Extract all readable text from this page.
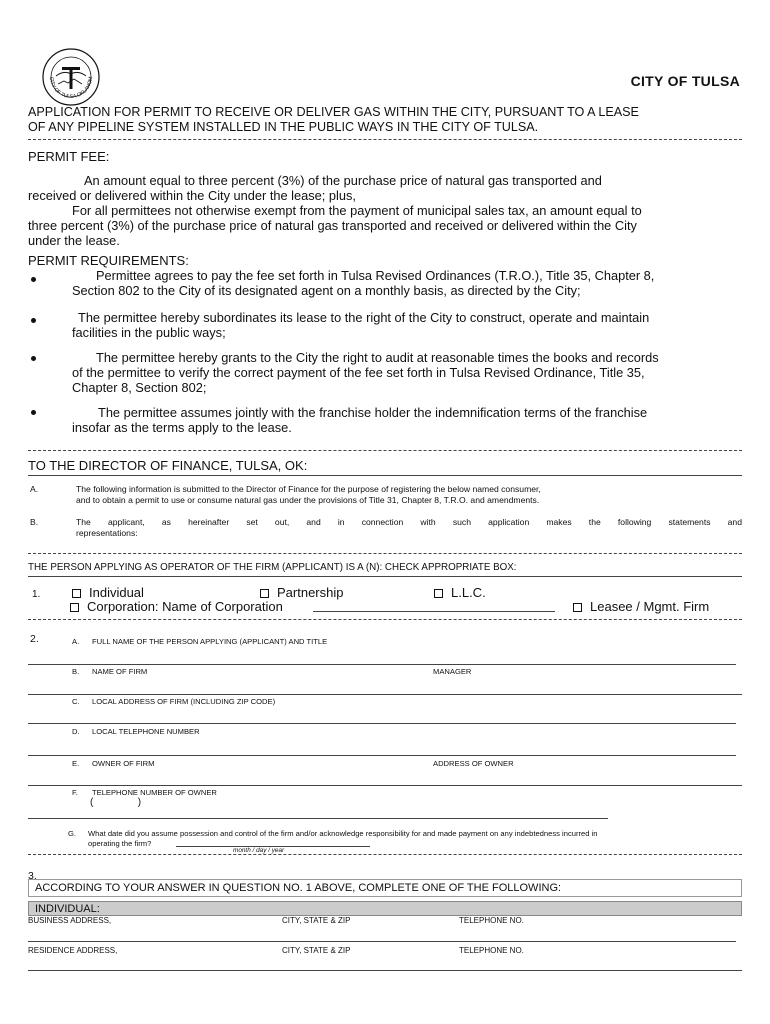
CITY OF TULSA OKLAHOM	CITY OF TULSA
APPLICATION FOR PERMIT TO RECEIVE OR DELIVER GAS WITHIN THE CITY, PURSUANT TO A LEASE
OF ANY PIPELINE SYSTEM INSTALLED IN THE PUBLIC WAYS IN THE CITY OF TULSA.
PERMIT FEE:
An amount equal to three percent (3%) of the purchase price of natural gas transported and
received or delivered within the City under the lease; plus,
For all permittees not otherwise exempt from the payment of municipal sales tax, an amount equal to
three percent (3%) of the purchase price of natural gas transported and received or delivered within the City
under the lease.
PERMIT REQUIREMENTS:
Permittee agrees to pay the fee set forth in Tulsa Revised Ordinances (T.R.O.), Title 35, Chapter 8,
Section 802 to the City of its designated agent on a monthly basis, as directed by the City;
The permittee hereby subordinates its lease to the right of the City to construct, operate and maintain
facilities in the public ways;
The permittee hereby grants to the City the right to audit at reasonable times the books and records
of the permittee to verify the correct payment of the fee set forth in Tulsa Revised Ordinance, Title 35,
Chapter 8, Section 802;
The permittee assumes jointly with the franchise holder the indemnification terms of the franchise
insofar as the terms apply to the lease.
TO THE DIRECTOR OF FINANCE, TULSA, OK:
A.	The following information is submitted to the Director of Finance for the purpose of registering the below named consumer,
and to obtain a permit to use or consume natural gas under the provisions of Title 31, Chapter 8, T.R.O. and amendments.
B.	The applicant, as hereinafter set out, and in connection with such application makes the following statements and
representations:
THE PERSON APPLYING AS OPERATOR OF THE FIRM (APPLICANT) IS A (N): CHECK APPROPRIATE BOX:
1.	Individual	Partnership	L.L.C.
Corporation: Name of Corporation	Leasee / Mgmt. Firm
2.	A. FULL NAME OF THE PERSON APPLYING (APPLICANT) AND TITLE
B. NAME OF FIRM	MANAGER
C. LOCAL ADDRESS OF FIRM (INCLUDING ZIP CODE)
D. LOCAL TELEPHONE NUMBER
E. OWNER OF FIRM	ADDRESS OF OWNER
F. TELEPHONE NUMBER OF OWNER
(                )
G. What date did you assume possession and control of the firm and/or acknowledge responsibility for and made payment on any indebtedness incurred in
operating the firm?
month / day / year
3.
ACCORDING TO YOUR ANSWER IN QUESTION NO. 1 ABOVE, COMPLETE ONE OF THE FOLLOWING:
INDIVIDUAL:
BUSINESS ADDRESS,	CITY, STATE & ZIP	TELEPHONE NO.
RESIDENCE ADDRESS,	CITY, STATE & ZIP	TELEPHONE NO.
